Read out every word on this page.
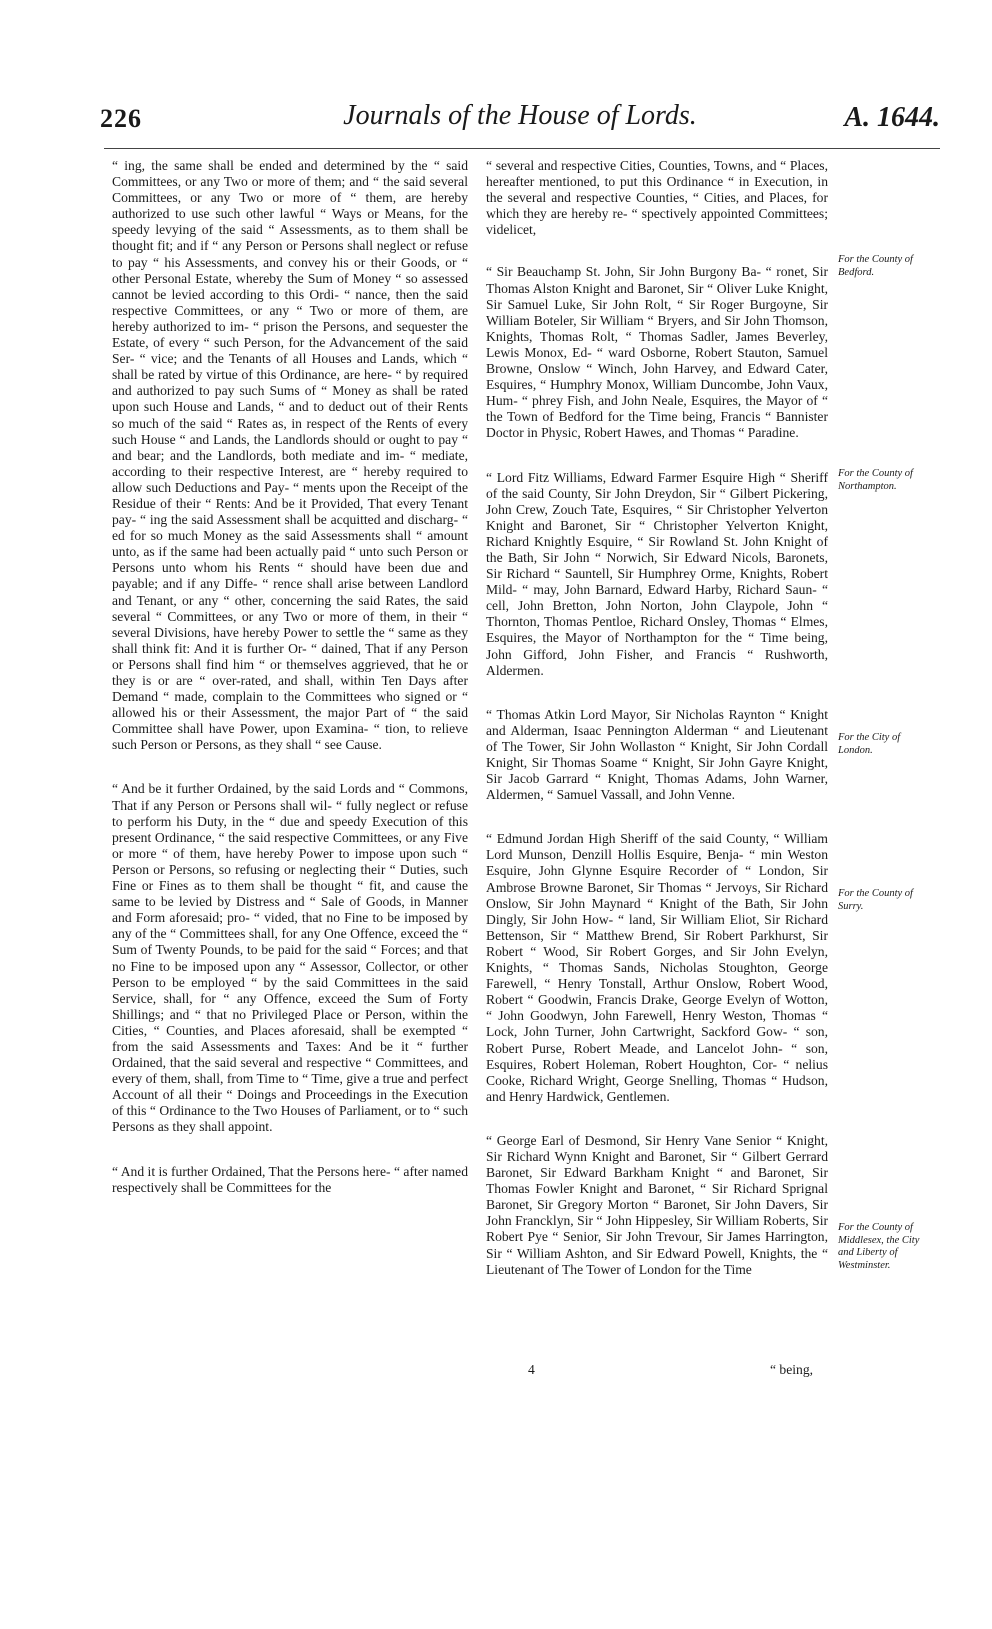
226	Journals of the House of Lords.	A. 1644.

“ ing, the same shall be ended and determined by the “ said Committees, or any Two or more of them; and “ the said several Committees, or any Two or more of “ them, are hereby authorized to use such other lawful “ Ways or Means, for the speedy levying of the said “ Assessments, as to them shall be thought fit; and if “ any Person or Persons shall neglect or refuse to pay “ his Assessments, and convey his or their Goods, or “ other Personal Estate, whereby the Sum of Money “ so assessed cannot be levied according to this Ordi- “ nance, then the said respective Committees, or any “ Two or more of them, are hereby authorized to im- “ prison the Persons, and sequester the Estate, of every “ such Person, for the Advancement of the said Ser- “ vice; and the Tenants of all Houses and Lands, which “ shall be rated by virtue of this Ordinance, are here- “ by required and authorized to pay such Sums of “ Money as shall be rated upon such House and Lands, “ and to deduct out of their Rents so much of the said “ Rates as, in respect of the Rents of every such House “ and Lands, the Landlords should or ought to pay “ and bear; and the Landlords, both mediate and im- “ mediate, according to their respective Interest, are “ hereby required to allow such Deductions and Pay- “ ments upon the Receipt of the Residue of their “ Rents: And be it Provided, That every Tenant pay- “ ing the said Assessment shall be acquitted and discharg- “ ed for so much Money as the said Assessments shall “ amount unto, as if the same had been actually paid “ unto such Person or Persons unto whom his Rents “ should have been due and payable; and if any Diffe- “ rence shall arise between Landlord and Tenant, or any “ other, concerning the said Rates, the said several “ Committees, or any Two or more of them, in their “ several Divisions, have hereby Power to settle the “ same as they shall think fit: And it is further Or- “ dained, That if any Person or Persons shall find him “ or themselves aggrieved, that he or they is or are “ over-rated, and shall, within Ten Days after Demand “ made, complain to the Committees who signed or “ allowed his or their Assessment, the major Part of “ the said Committee shall have Power, upon Examina- “ tion, to relieve such Person or Persons, as they shall “ see Cause.

“ And be it further Ordained, by the said Lords and “ Commons, That if any Person or Persons shall wil- “ fully neglect or refuse to perform his Duty, in the “ due and speedy Execution of this present Ordinance, “ the said respective Committees, or any Five or more “ of them, have hereby Power to impose upon such “ Person or Persons, so refusing or neglecting their “ Duties, such Fine or Fines as to them shall be thought “ fit, and cause the same to be levied by Distress and “ Sale of Goods, in Manner and Form aforesaid; pro- “ vided, that no Fine to be imposed by any of the “ Committees shall, for any One Offence, exceed the “ Sum of Twenty Pounds, to be paid for the said “ Forces; and that no Fine to be imposed upon any “ Assessor, Collector, or other Person to be employed “ by the said Committees in the said Service, shall, for “ any Offence, exceed the Sum of Forty Shillings; and “ that no Privileged Place or Person, within the Cities, “ Counties, and Places aforesaid, shall be exempted “ from the said Assessments and Taxes: And be it “ further Ordained, that the said several and respective “ Committees, and every of them, shall, from Time to “ Time, give a true and perfect Account of all their “ Doings and Proceedings in the Execution of this “ Ordinance to the Two Houses of Parliament, or to “ such Persons as they shall appoint.

“ And it is further Ordained, That the Persons here- “ after named respectively shall be Committees for the

“ several and respective Cities, Counties, Towns, and “ Places, hereafter mentioned, to put this Ordinance “ in Execution, in the several and respective Counties, “ Cities, and Places, for which they are hereby re- “ spectively appointed Committees; videlicet,

“ Sir Beauchamp St. John, Sir John Burgony Ba- “ ronet, Sir Thomas Alston Knight and Baronet, Sir “ Oliver Luke Knight, Sir Samuel Luke, Sir John Rolt, “ Sir Roger Burgoyne, Sir William Boteler, Sir William “ Bryers, and Sir John Thomson, Knights, Thomas Rolt, “ Thomas Sadler, James Beverley, Lewis Monox, Ed- “ ward Osborne, Robert Stauton, Samuel Browne, Onslow “ Winch, John Harvey, and Edward Cater, Esquires, “ Humphry Monox, William Duncombe, John Vaux, Hum- “ phrey Fish, and John Neale, Esquires, the Mayor of “ the Town of Bedford for the Time being, Francis “ Bannister Doctor in Physic, Robert Hawes, and Thomas “ Paradine.

“ Lord Fitz Williams, Edward Farmer Esquire High “ Sheriff of the said County, Sir John Dreydon, Sir “ Gilbert Pickering, John Crew, Zouch Tate, Esquires, “ Sir Christopher Yelverton Knight and Baronet, Sir “ Christopher Yelverton Knight, Richard Knightly Esquire, “ Sir Rowland St. John Knight of the Bath, Sir John “ Norwich, Sir Edward Nicols, Baronets, Sir Richard “ Sauntell, Sir Humphrey Orme, Knights, Robert Mild- “ may, John Barnard, Edward Harby, Richard Saun- “ cell, John Bretton, John Norton, John Claypole, John “ Thornton, Thomas Pentloe, Richard Onsley, Thomas “ Elmes, Esquires, the Mayor of Northampton for the “ Time being, John Gifford, John Fisher, and Francis “ Rushworth, Aldermen.

“ Thomas Atkin Lord Mayor, Sir Nicholas Raynton “ Knight and Alderman, Isaac Pennington Alderman “ and Lieutenant of The Tower, Sir John Wollaston “ Knight, Sir John Cordall Knight, Sir Thomas Soame “ Knight, Sir John Gayre Knight, Sir Jacob Garrard “ Knight, Thomas Adams, John Warner, Aldermen, “ Samuel Vassall, and John Venne.

“ Edmund Jordan High Sheriff of the said County, “ William Lord Munson, Denzill Hollis Esquire, Benja- “ min Weston Esquire, John Glynne Esquire Recorder of “ London, Sir Ambrose Browne Baronet, Sir Thomas “ Jervoys, Sir Richard Onslow, Sir John Maynard “ Knight of the Bath, Sir John Dingly, Sir John How- “ land, Sir William Eliot, Sir Richard Bettenson, Sir “ Matthew Brend, Sir Robert Parkhurst, Sir Robert “ Wood, Sir Robert Gorges, and Sir John Evelyn, Knights, “ Thomas Sands, Nicholas Stoughton, George Farewell, “ Henry Tonstall, Arthur Onslow, Robert Wood, Robert “ Goodwin, Francis Drake, George Evelyn of Wotton, “ John Goodwyn, John Farewell, Henry Weston, Thomas “ Lock, John Turner, John Cartwright, Sackford Gow- “ son, Robert Purse, Robert Meade, and Lancelot John- “ son, Esquires, Robert Holeman, Robert Houghton, Cor- “ nelius Cooke, Richard Wright, George Snelling, Thomas “ Hudson, and Henry Hardwick, Gentlemen.

“ George Earl of Desmond, Sir Henry Vane Senior “ Knight, Sir Richard Wynn Knight and Baronet, Sir “ Gilbert Gerrard Baronet, Sir Edward Barkham Knight “ and Baronet, Sir Thomas Fowler Knight and Baronet, “ Sir Richard Sprignal Baronet, Sir Gregory Morton “ Baronet, Sir John Davers, Sir John Francklyn, Sir “ John Hippesley, Sir William Roberts, Sir Robert Pye “ Senior, Sir John Trevour, Sir James Harrington, Sir “ William Ashton, and Sir Edward Powell, Knights, the “ Lieutenant of The Tower of London for the Time

For the County of Bedford.
For the County of Northampton.
For the City of London.
For the County of Surry.
For the County of Middlesex, the City and Liberty of Westminster.
4	“ being,
